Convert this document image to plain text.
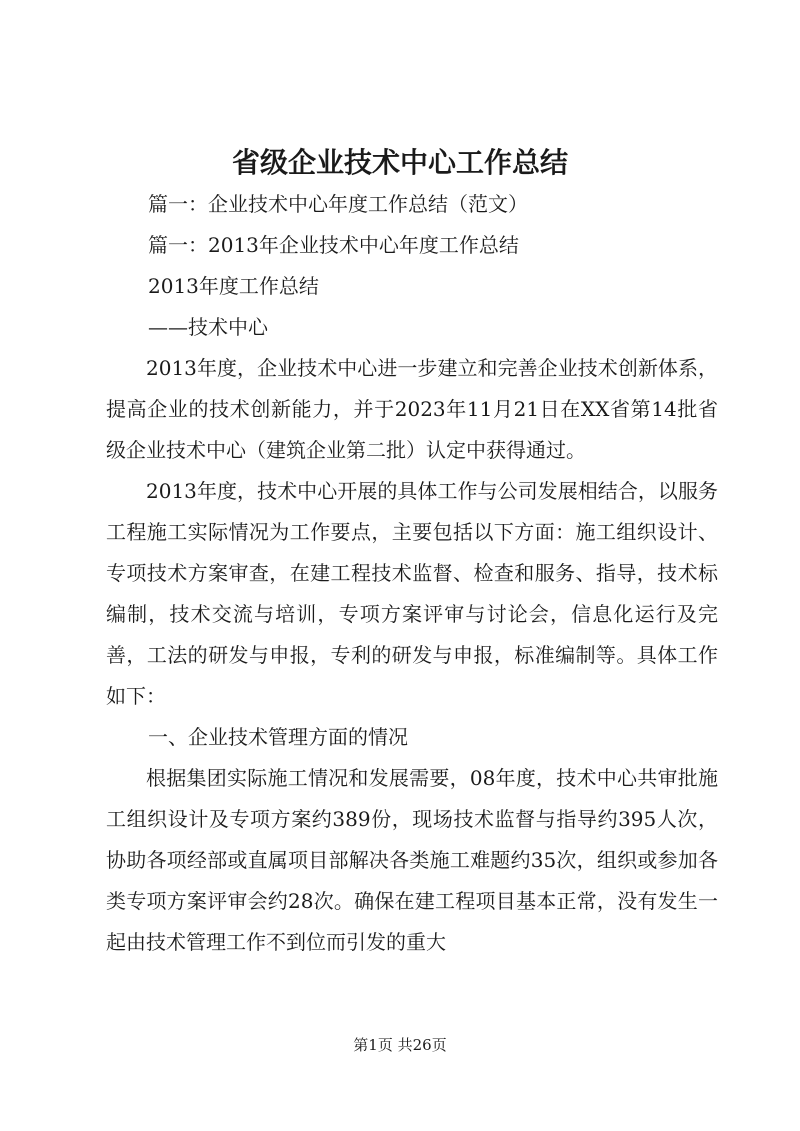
省级企业技术中心工作总结
篇一：企业技术中心年度工作总结（范文）
篇一：2013年企业技术中心年度工作总结
2013年度工作总结
——技术中心

2013年度，企业技术中心进一步建立和完善企业技术创新体系，提高企业的技术创新能力，并于2023年11月21日在XX省第14批省级企业技术中心（建筑企业第二批）认定中获得通过。

2013年度，技术中心开展的具体工作与公司发展相结合，以服务工程施工实际情况为工作要点，主要包括以下方面：施工组织设计、专项技术方案审查，在建工程技术监督、检查和服务、指导，技术标编制，技术交流与培训，专项方案评审与讨论会，信息化运行及完善，工法的研发与申报，专利的研发与申报，标准编制等。具体工作如下：

一、企业技术管理方面的情况

根据集团实际施工情况和发展需要，08年度，技术中心共审批施工组织设计及专项方案约389份，现场技术监督与指导约395人次，协助各项经部或直属项目部解决各类施工难题约35次，组织或参加各类专项方案评审会约28次。确保在建工程项目基本正常，没有发生一起由技术管理工作不到位而引发的重大

第1页 共26页
